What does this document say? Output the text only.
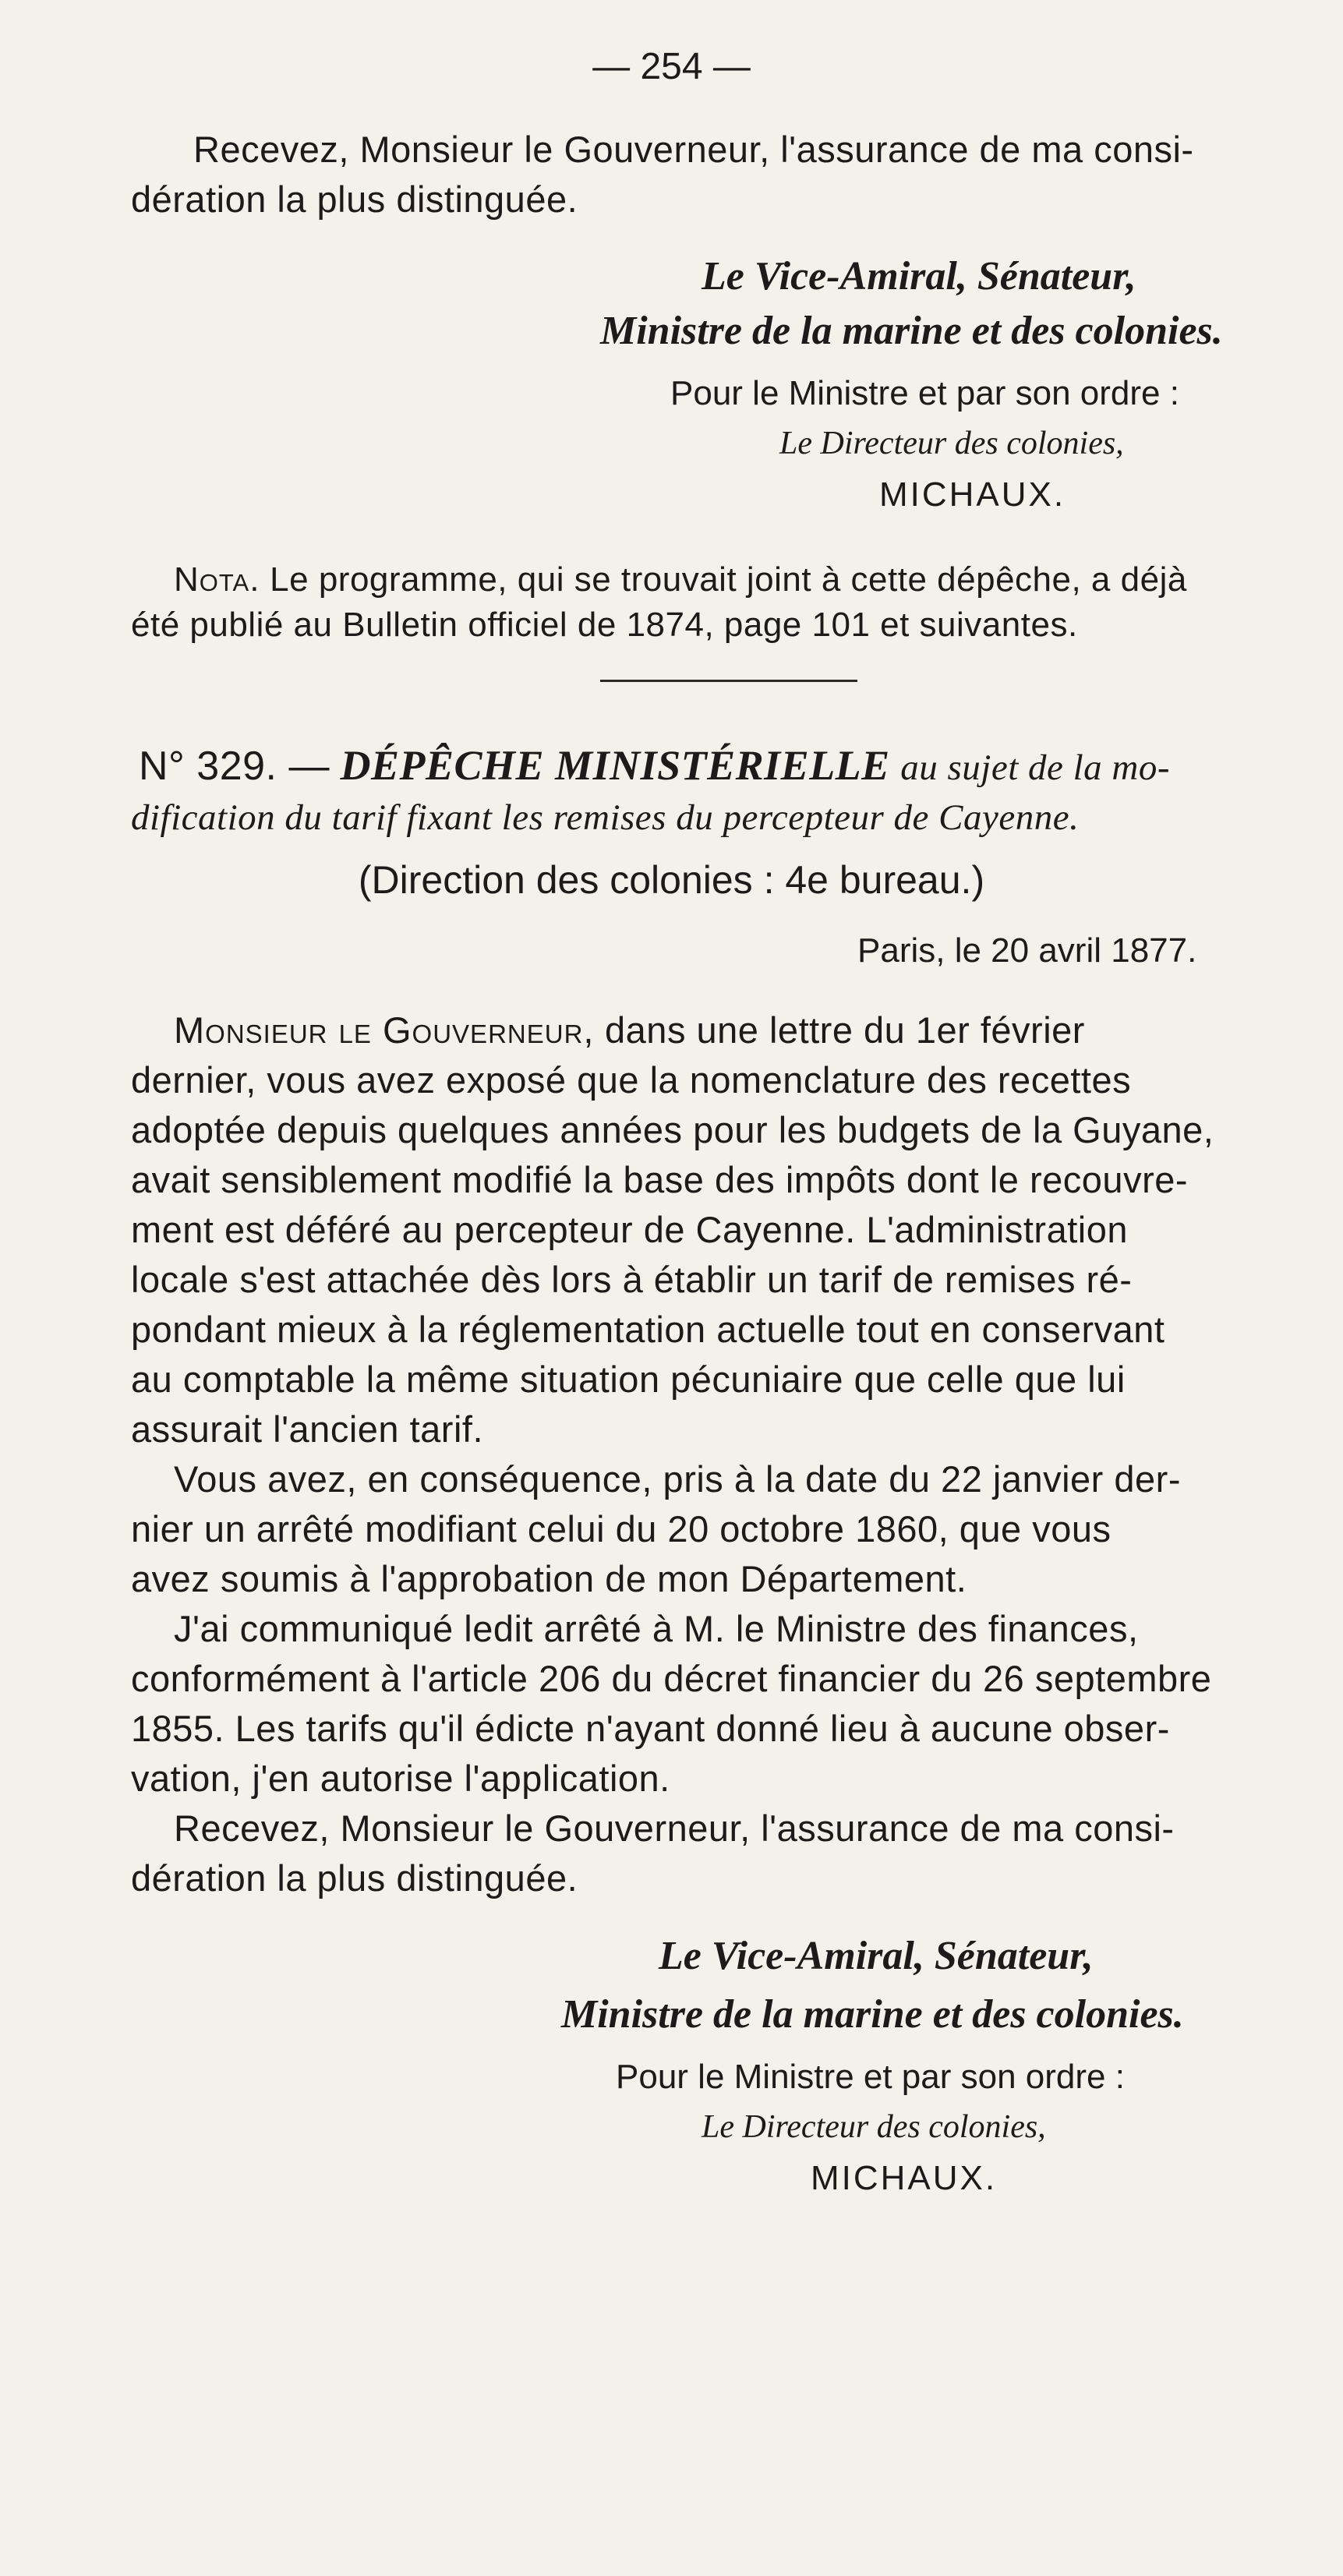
— 254 —
Recevez, Monsieur le Gouverneur, l'assurance de ma consi-
dération la plus distinguée.
Le Vice-Amiral, Sénateur,
Ministre de la marine et des colonies.
Pour le Ministre et par son ordre :
Le Directeur des colonies,
MICHAUX.
Nota. Le programme, qui se trouvait joint à cette dépêche, a déjà
été publié au Bulletin officiel de 1874, page 101 et suivantes.
N° 329. — DÉPÊCHE MINISTÉRIELLE au sujet de la mo-
dification du tarif fixant les remises du percepteur de Cayenne.
(Direction des colonies : 4e bureau.)
Paris, le 20 avril 1877.
Monsieur le Gouverneur, dans une lettre du 1er février
dernier, vous avez exposé que la nomenclature des recettes
adoptée depuis quelques années pour les budgets de la Guyane,
avait sensiblement modifié la base des impôts dont le recouvre-
ment est déféré au percepteur de Cayenne. L'administration
locale s'est attachée dès lors à établir un tarif de remises ré-
pondant mieux à la réglementation actuelle tout en conservant
au comptable la même situation pécuniaire que celle que lui
assurait l'ancien tarif.
Vous avez, en conséquence, pris à la date du 22 janvier der-
nier un arrêté modifiant celui du 20 octobre 1860, que vous
avez soumis à l'approbation de mon Département.
J'ai communiqué ledit arrêté à M. le Ministre des finances,
conformément à l'article 206 du décret financier du 26 septembre
1855. Les tarifs qu'il édicte n'ayant donné lieu à aucune obser-
vation, j'en autorise l'application.
Recevez, Monsieur le Gouverneur, l'assurance de ma consi-
dération la plus distinguée.
Le Vice-Amiral, Sénateur,
Ministre de la marine et des colonies.
Pour le Ministre et par son ordre :
Le Directeur des colonies,
MICHAUX.
